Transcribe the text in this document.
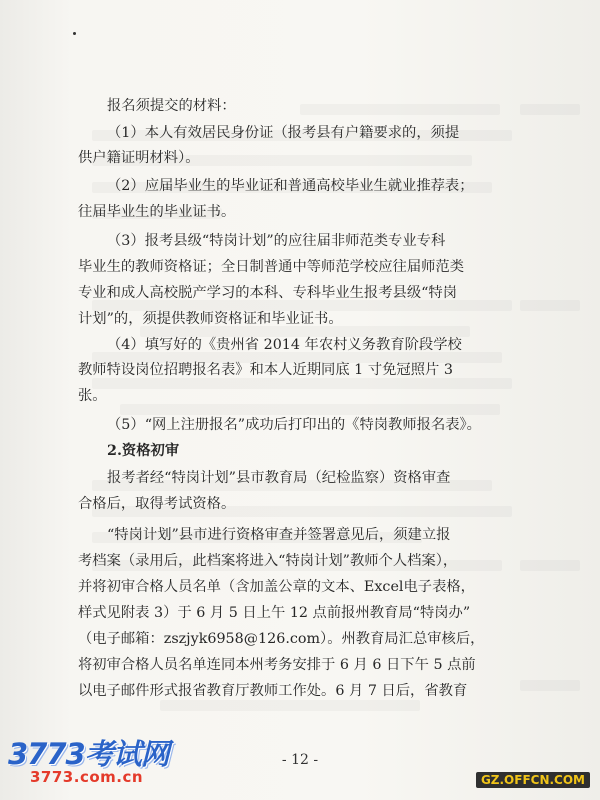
报名须提交的材料：
（1）本人有效居民身份证（报考县有户籍要求的，须提
供户籍证明材料）。
（2）应届毕业生的毕业证和普通高校毕业生就业推荐表；
往届毕业生的毕业证书。
（3）报考县级“特岗计划”的应往届非师范类专业专科
毕业生的教师资格证；全日制普通中等师范学校应往届师范类
专业和成人高校脱产学习的本科、专科毕业生报考县级“特岗
计划”的，须提供教师资格证和毕业证书。
（4）填写好的《贵州省 2014 年农村义务教育阶段学校
教师特设岗位招聘报名表》和本人近期同底 1 寸免冠照片 3
张。
（5）“网上注册报名”成功后打印出的《特岗教师报名表》。
2.资格初审
报考者经“特岗计划”县市教育局（纪检监察）资格审查
合格后，取得考试资格。
“特岗计划”县市进行资格审查并签署意见后，须建立报
考档案（录用后，此档案将进入“特岗计划”教师个人档案），
并将初审合格人员名单（含加盖公章的文本、Excel电子表格，
样式见附表 3）于 6 月 5 日上午 12 点前报州教育局“特岗办”
（电子邮箱：zszjyk6958@126.com）。州教育局汇总审核后，
将初审合格人员名单连同本州考务安排于 6 月 6 日下午 5 点前
以电子邮件形式报省教育厅教师工作处。6 月 7 日后，省教育
- 12 -
3773考试网
3773.com.cn	GZ.OFFCN.COM
